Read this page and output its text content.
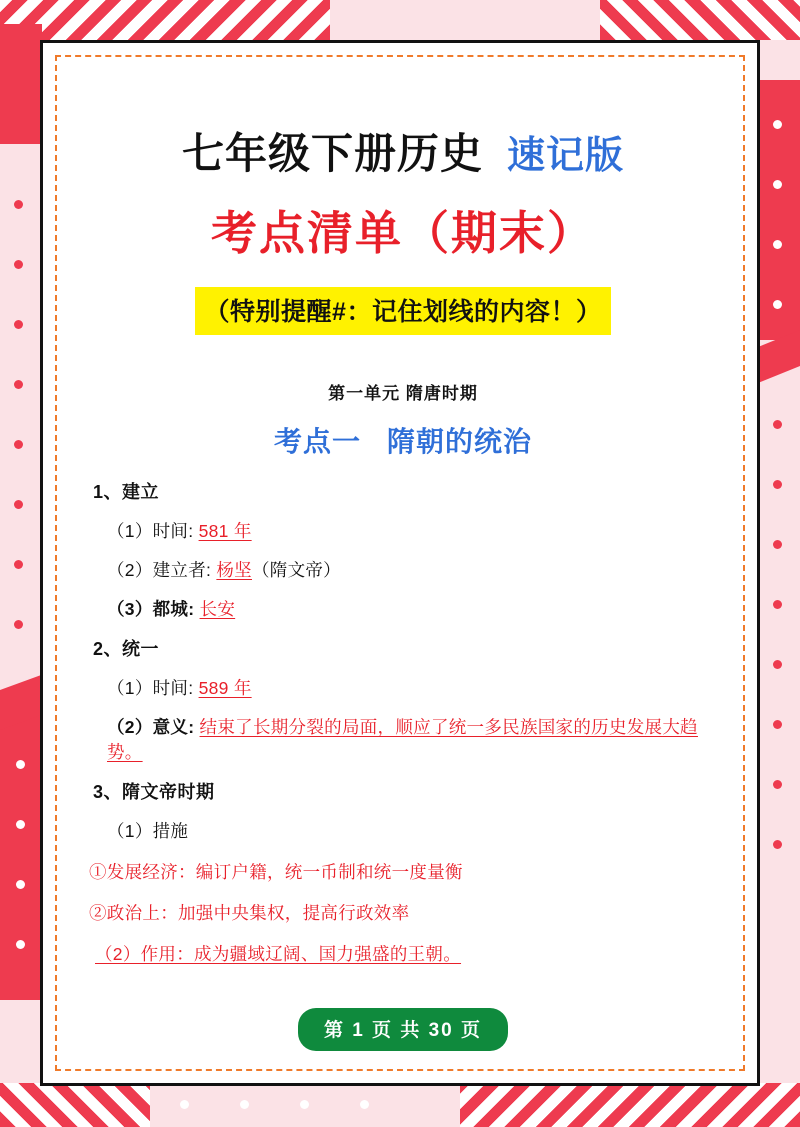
七年级下册历史 速记版
考点清单（期末）
（特别提醒#：记住划线的内容！）
第一单元 隋唐时期
考点一 隋朝的统治
1、建立
（1）时间: 581 年
（2）建立者: 杨坚（隋文帝）
（3）都城: 长安
2、统一
（1）时间: 589 年
（2）意义: 结束了长期分裂的局面，顺应了统一多民族国家的历史发展大趋势。
3、隋文帝时期
（1）措施
①发展经济：编订户籍，统一币制和统一度量衡
②政治上：加强中央集权，提高行政效率
（2）作用：成为疆域辽阔、国力强盛的王朝。
第 1 页 共 30 页
